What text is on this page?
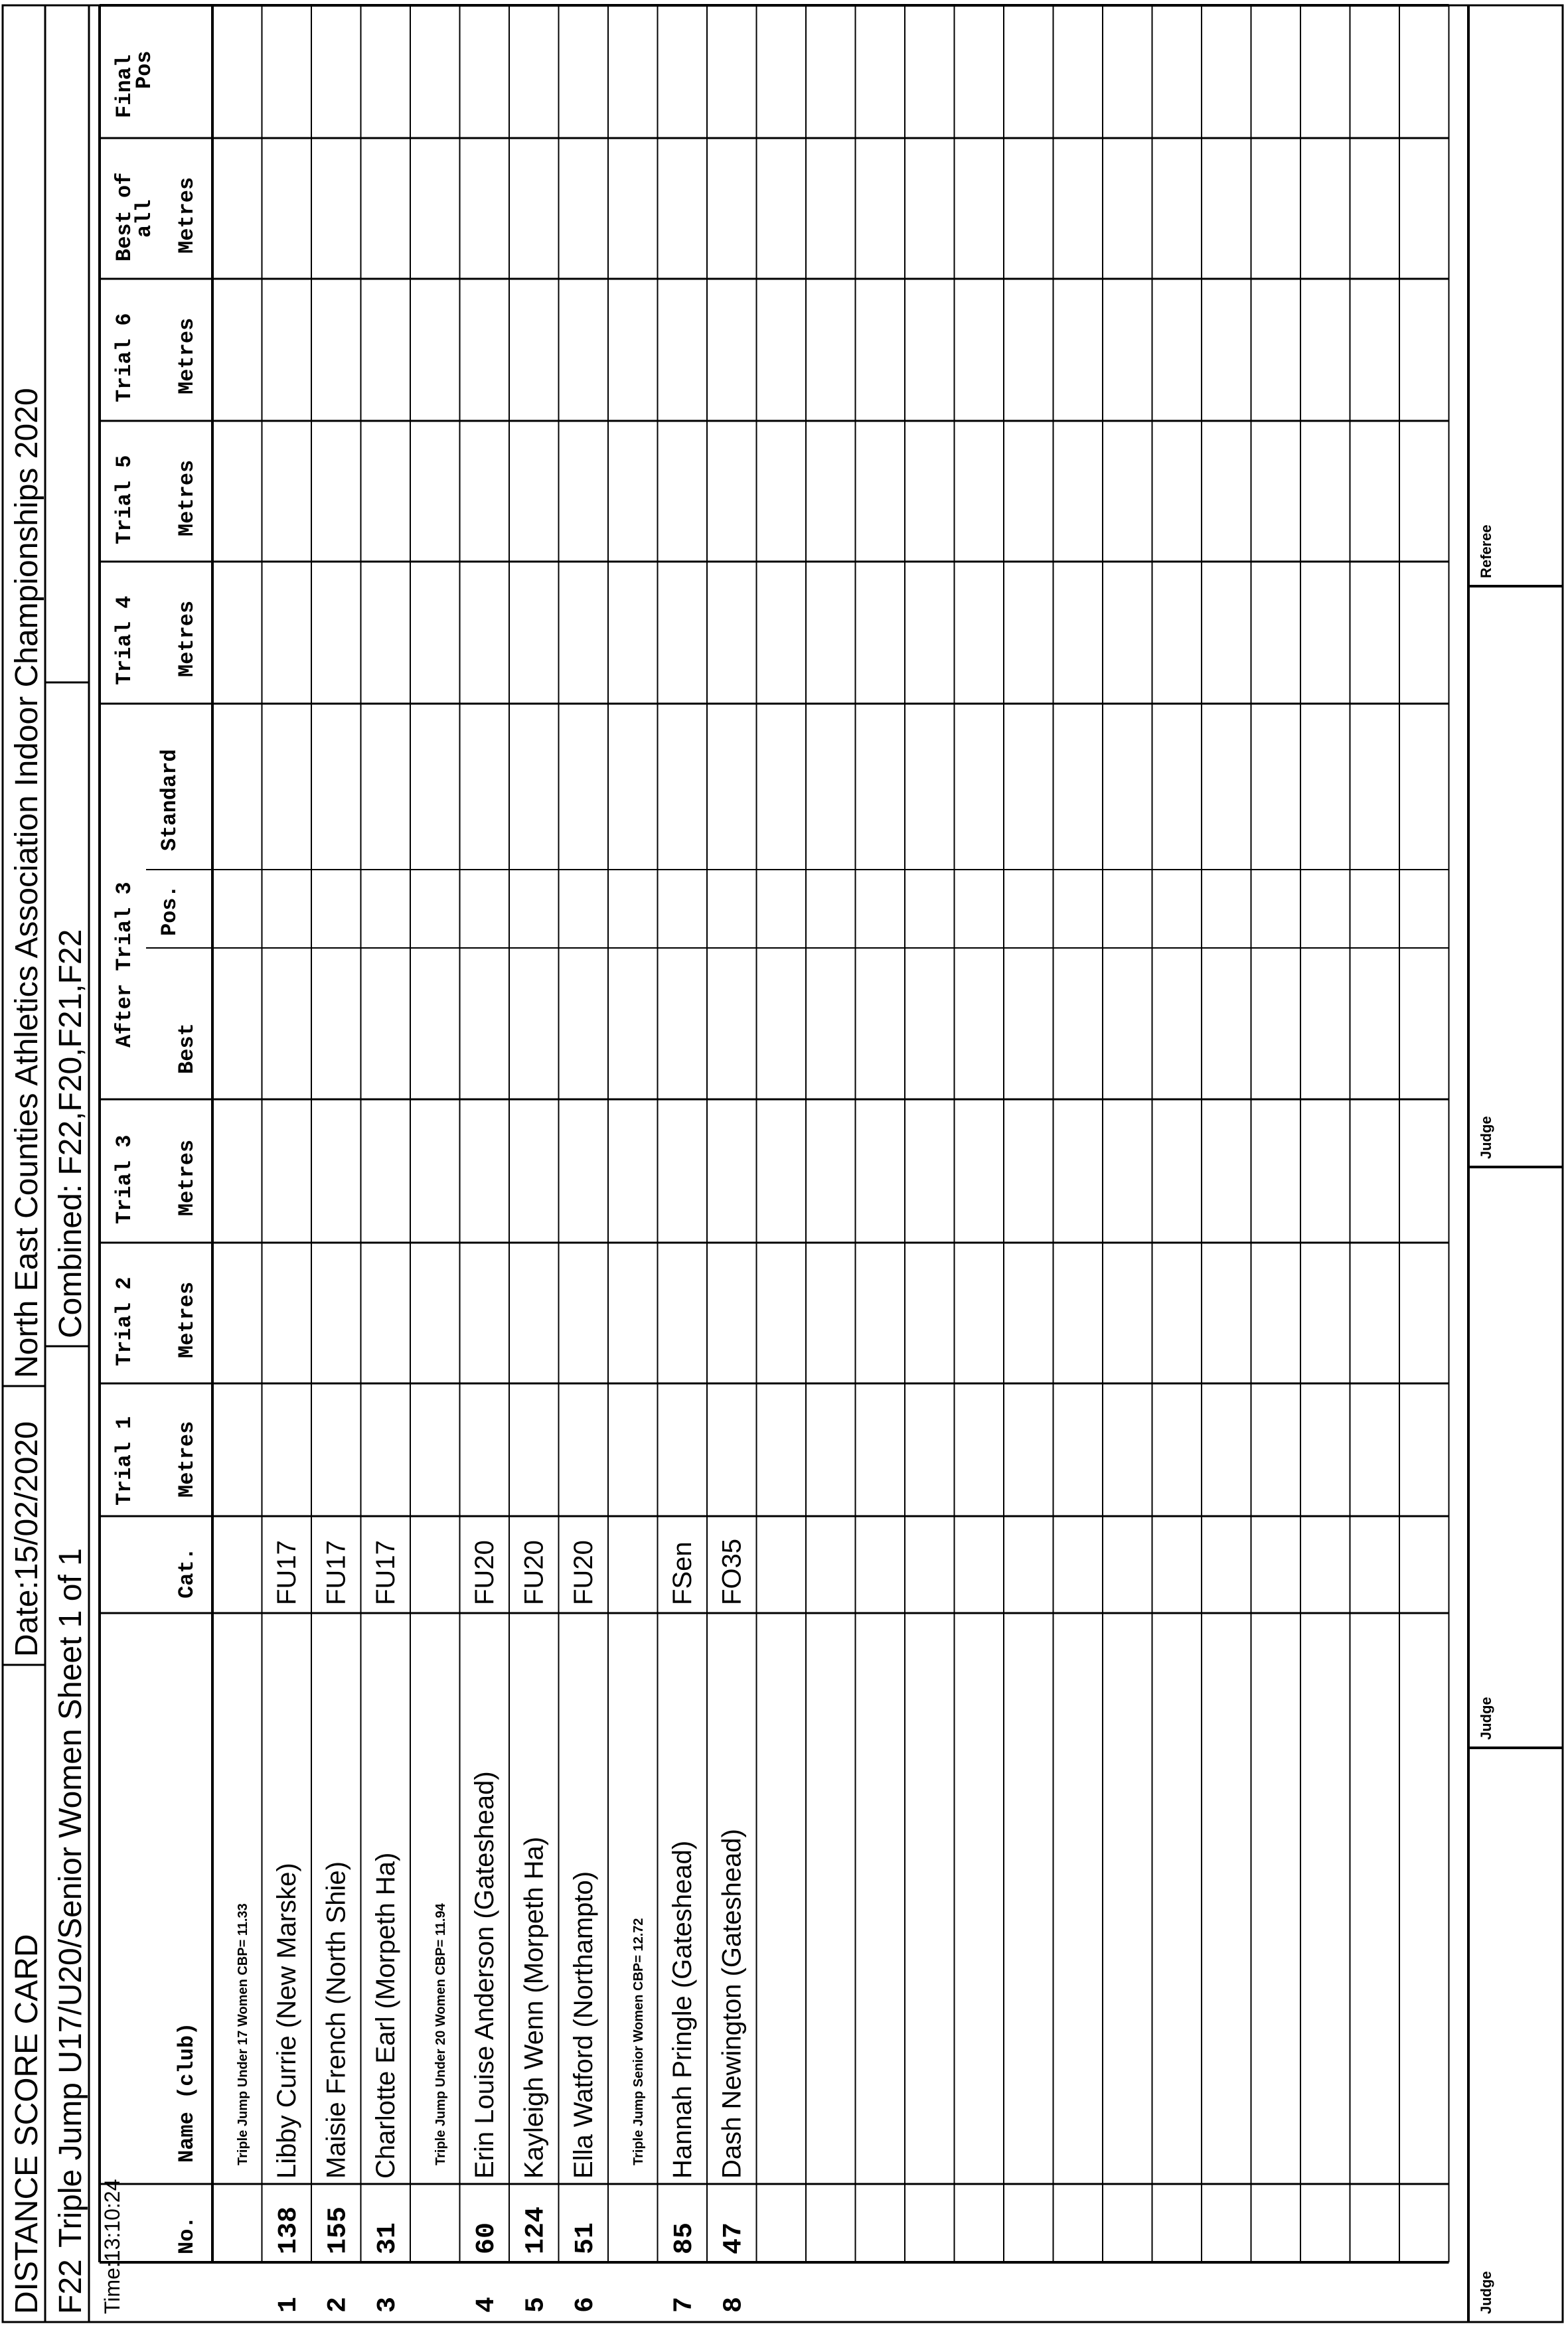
DISTANCE SCORE CARD
Date:15/02/2020
North East Counties Athletics Association Indoor Championships 2020
F22
Triple Jump U17/U20/Senior Women Sheet 1 of 1
Combined: F22,F20,F21,F22
Time:13:10:24 No.
Name (club)
Cat.
Trial 1 Metres
Trial 2 Metres
Trial 3 Metres
After Trial 3
Best
Pos.
Standard
Trial 4 Metres
Trial 5 Metres
Trial 6 Metres
Best of
all Metres
Final
Pos
Triple Jump Under 17 Women CBP= 11.33
1
138
Libby Currie (New Marske)
FU17
2
155
Maisie French (North Shie)
FU17
3
31
Charlotte Earl (Morpeth Ha)
FU17
Triple Jump Under 20 Women CBP= 11.94
4
60
Erin Louise Anderson (Gateshead)
FU20
5
124
Kayleigh Wenn (Morpeth Ha)
FU20
6
51
Ella Watford (Northampto)
FU20
Triple Jump Senior Women CBP= 12.72
7
85
Hannah Pringle (Gateshead)
FSen
8
47
Dash Newington (Gateshead)
FO35
Judge
Judge
Judge
Referee
